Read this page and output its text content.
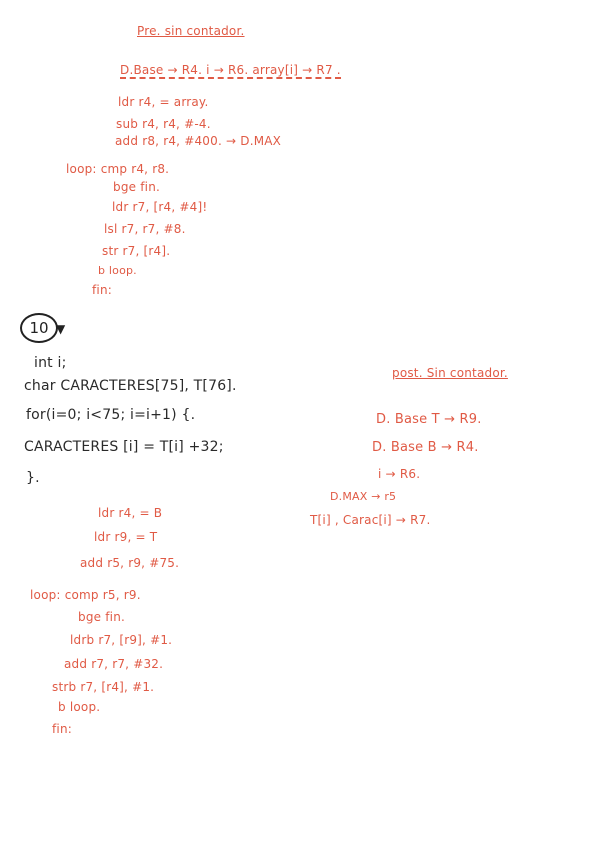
Pre. sin contador.
D.Base → R4. i → R6. array[i] → R7 .
ldr r4, = array.
sub r4, r4, #-4.
add r8, r4, #400. → D.MAX
loop: cmp r4, r8.
bge fin.
ldr r7, [r4, #4]!
lsl r7, r7, #8.
str r7, [r4].
b loop.
fin:
10 ▼
int i;
char CARACTERES[75], T[76].
for(i=0; i<75; i=i+1) {.
CARACTERES [i] = T[i] +32;
}.
post. Sin contador.
D. Base T → R9.
D. Base B → R4.
i → R6.
D.MAX → r5
T[i] , Carac[i] → R7.
ldr r4, = B
ldr r9, = T
add r5, r9, #75.
loop: comp r5, r9.
bge fin.
ldrb r7, [r9], #1.
add r7, r7, #32.
strb r7, [r4], #1.
b loop.
fin:
